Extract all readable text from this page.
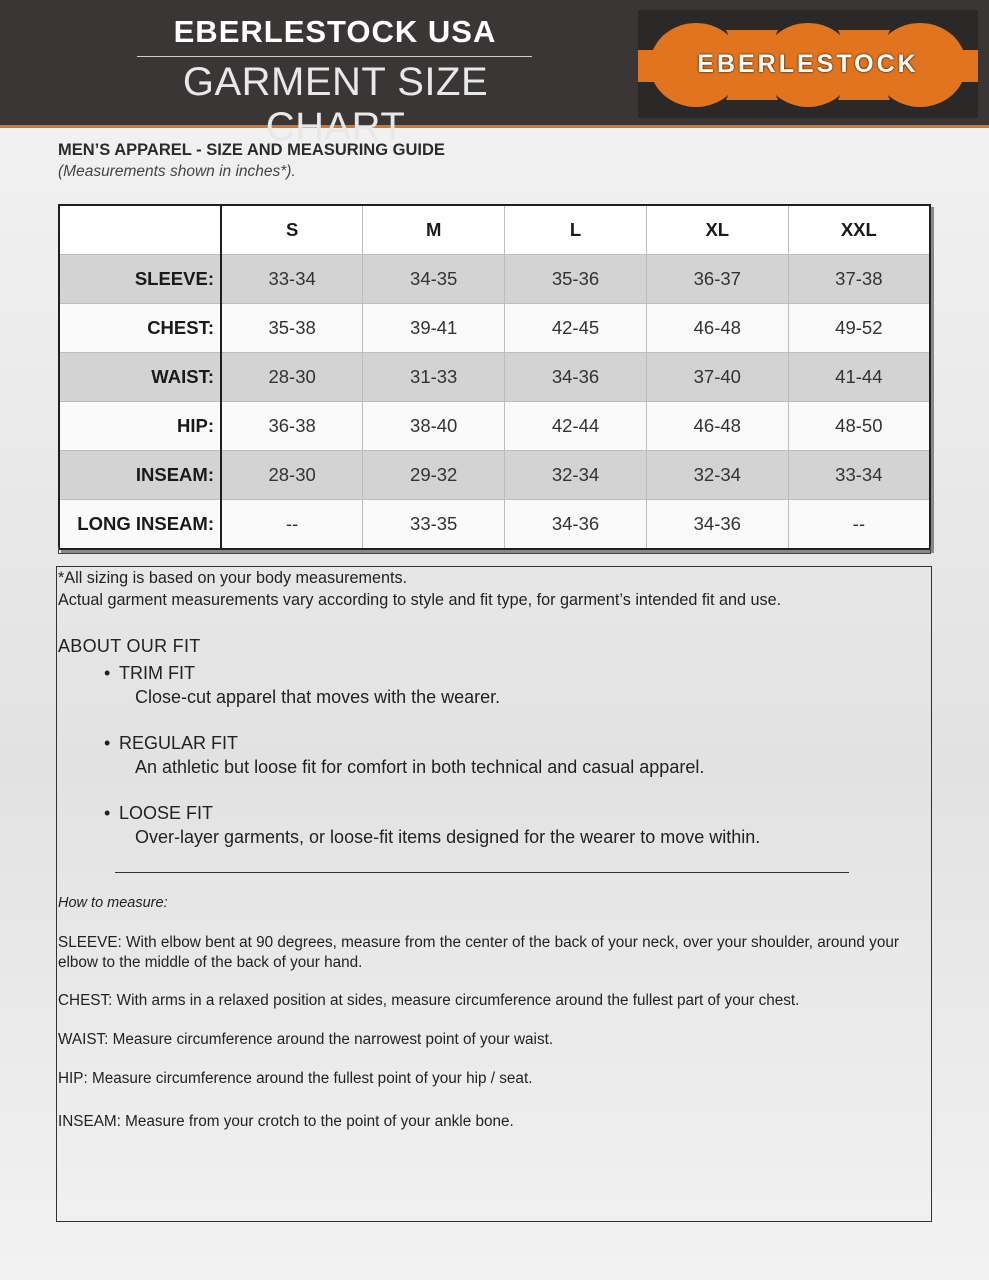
EBERLESTOCK USA
GARMENT SIZE CHART
EBERLESTOCK
MEN’S APPAREL - SIZE AND MEASURING GUIDE
(Measurements shown in inches*).
	S	M	L	XL	XXL
SLEEVE:	33-34	34-35	35-36	36-37	37-38
CHEST:	35-38	39-41	42-45	46-48	49-52
WAIST:	28-30	31-33	34-36	37-40	41-44
HIP:	36-38	38-40	42-44	46-48	48-50
INSEAM:	28-30	29-32	32-34	32-34	33-34
LONG INSEAM:	--	33-35	34-36	34-36	--
*All sizing is based on your body measurements.
Actual garment measurements vary according to style and fit type, for garment’s intended fit and use.
ABOUT OUR FIT
• TRIM FIT
Close-cut apparel that moves with the wearer.
• REGULAR FIT
An athletic but loose fit for comfort in both technical and casual apparel.
• LOOSE FIT
Over-layer garments, or loose-fit items designed for the wearer to move within.
How to measure:
SLEEVE: With elbow bent at 90 degrees, measure from the center of the back of your neck, over your shoulder, around your elbow to the middle of the back of your hand.
CHEST: With arms in a relaxed position at sides, measure circumference around the fullest part of your chest.
WAIST: Measure circumference around the narrowest point of your waist.
HIP: Measure circumference around the fullest point of your hip / seat.
INSEAM: Measure from your crotch to the point of your ankle bone.
